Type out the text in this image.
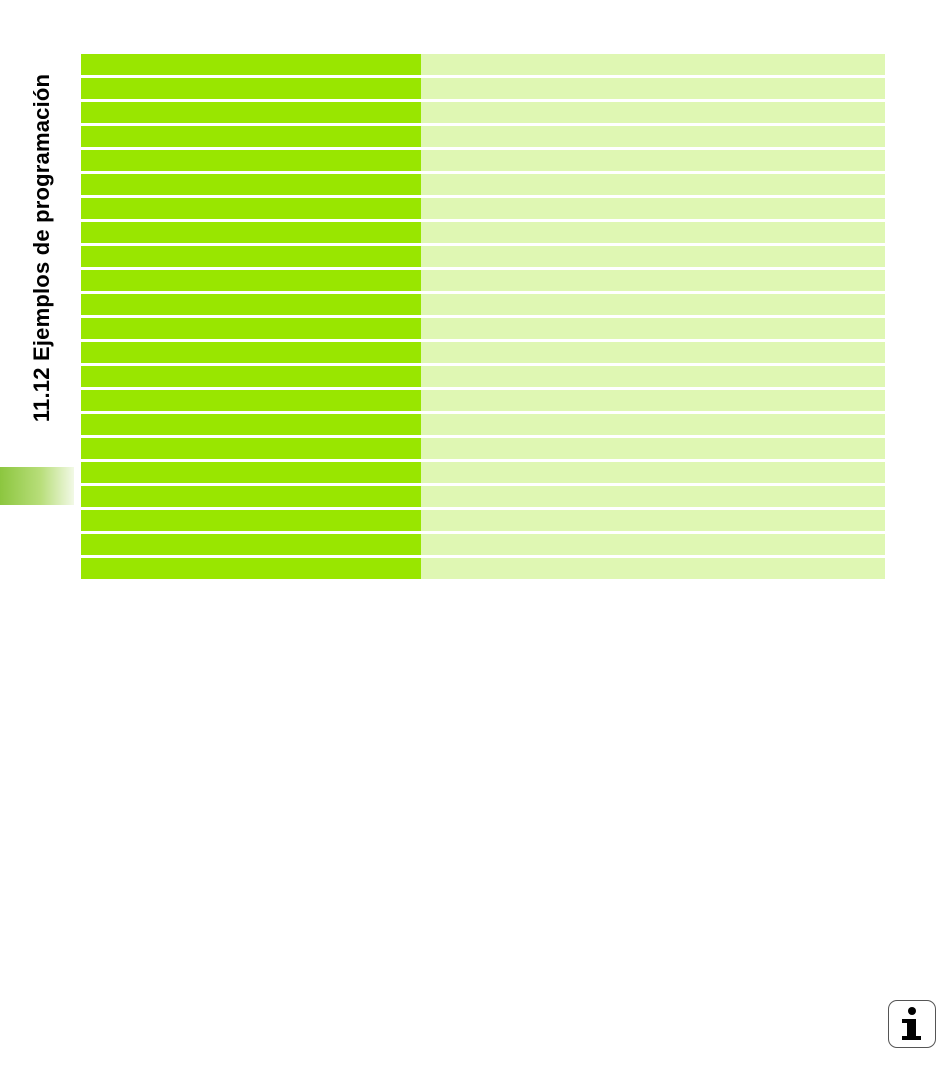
11.12 Ejemplos de programación
